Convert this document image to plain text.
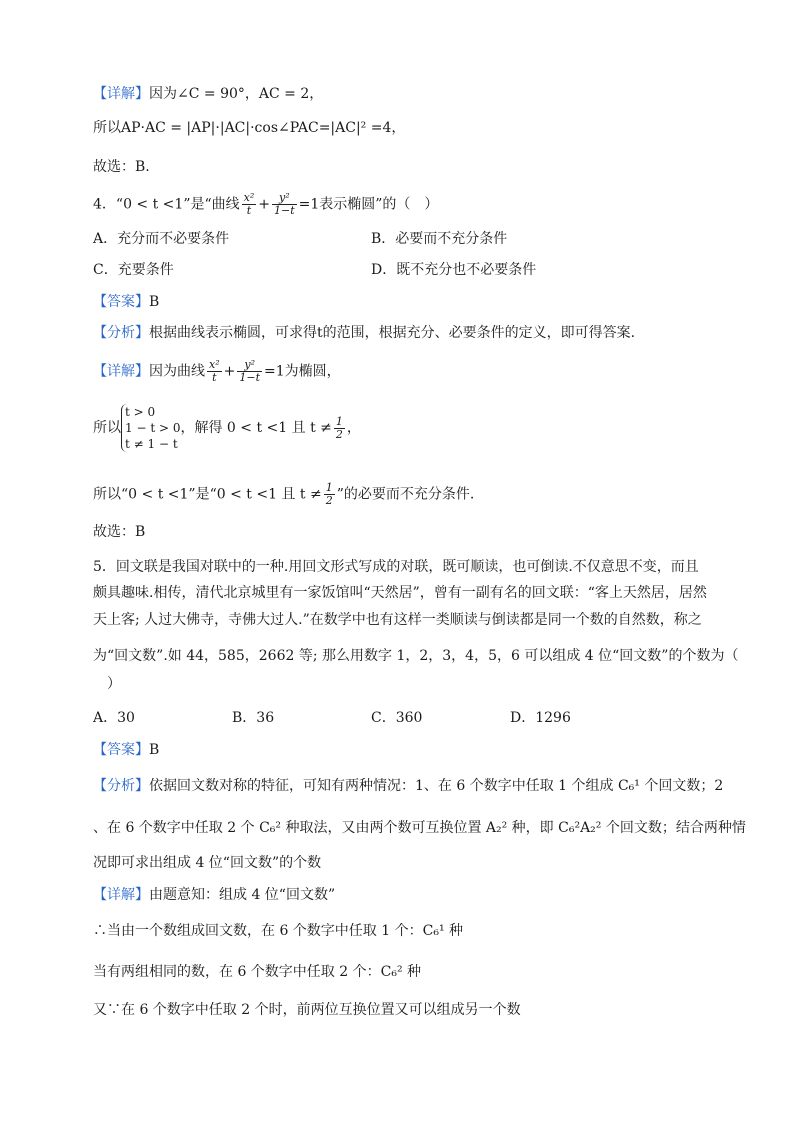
【详解】因为∠C = 90°，AC = 2，
所以AP·AC = |AP|·|AC|·cos∠PAC=|AC|² =4，
故选：B.
4．“0 < t <1”是“曲线 $\frac{\text{x²}}{t} + \frac{\text{y²}}{1-t} =1$表示椭圆”的（　）
A．充分而不必要条件	B．必要而不充分条件
C．充要条件	D．既不充分也不必要条件
【答案】B
【分析】根据曲线表示椭圆，可求得t的范围，根据充分、必要条件的定义，即可得答案.
【详解】因为曲线 $\frac{\text{x²}}{t} + \frac{\text{y²}}{1-t} =1$为椭圆，
所以
t > 0
1 − t > 0
t ≠ 1 − t
，解得 0 < t <1 且 $t \ne \frac{1}{2}$ ，
所以“0 < t <1”是“0 < t <1 且 $t \ne \frac{1}{2}$ ”的必要而不充分条件.
故选：B
5．回文联是我国对联中的一种.用回文形式写成的对联，既可顺读，也可倒读.不仅意思不变，而且
颇具趣味.相传，清代北京城里有一家饭馆叫“天然居”，曾有一副有名的回文联：“客上天然居，居然
天上客; 人过大佛寺，寺佛大过人.”在数学中也有这样一类顺读与倒读都是同一个数的自然数，称之
为“回文数”.如 44，585，2662 等; 那么用数字 1，2，3，4，5，6 可以组成 4 位“回文数”的个数为（
　）
A．30	B．36	C．360	D．1296
【答案】B
【分析】依据回文数对称的特征，可知有两种情况：1、在 6 个数字中任取 1 个组成 C₆¹ 个回文数；2
、在 6 个数字中任取 2 个 C₆² 种取法，又由两个数可互换位置 A₂² 种，即 C₆²A₂² 个回文数；结合两种情
况即可求出组成 4 位“回文数”的个数
【详解】由题意知：组成 4 位“回文数”
∴当由一个数组成回文数，在 6 个数字中任取 1 个：C₆¹ 种
当有两组相同的数，在 6 个数字中任取 2 个：C₆² 种
又∵在 6 个数字中任取 2 个时，前两位互换位置又可以组成另一个数
